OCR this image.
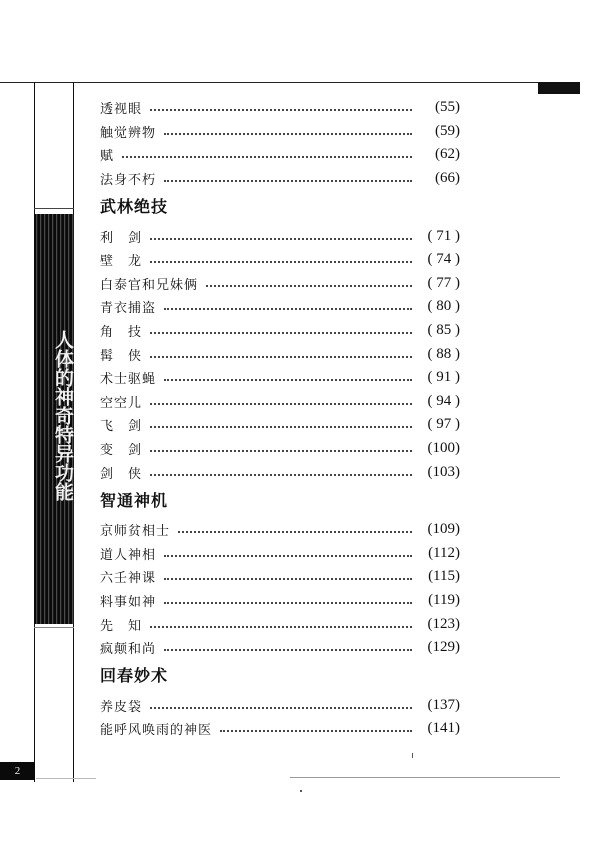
人体的神奇特异功能
2
透视眼	(55)
触觉辨物	(59)
赋	(62)
法身不朽	(66)
武林绝技
利　剑	( 71 )
壁　龙	( 74 )
白泰官和兄妹俩	( 77 )
青衣捕盗	( 80 )
角　技	( 85 )
髯　侠	( 88 )
术士驱蝇	( 91 )
空空儿	( 94 )
飞　剑	( 97 )
变　剑	(100)
剑　侠	(103)
智通神机
京师贫相士	(109)
道人神相	(112)
六壬神课	(115)
料事如神	(119)
先　知	(123)
疯颠和尚	(129)
回春妙术
养皮袋	(137)
能呼风唤雨的神医	(141)
